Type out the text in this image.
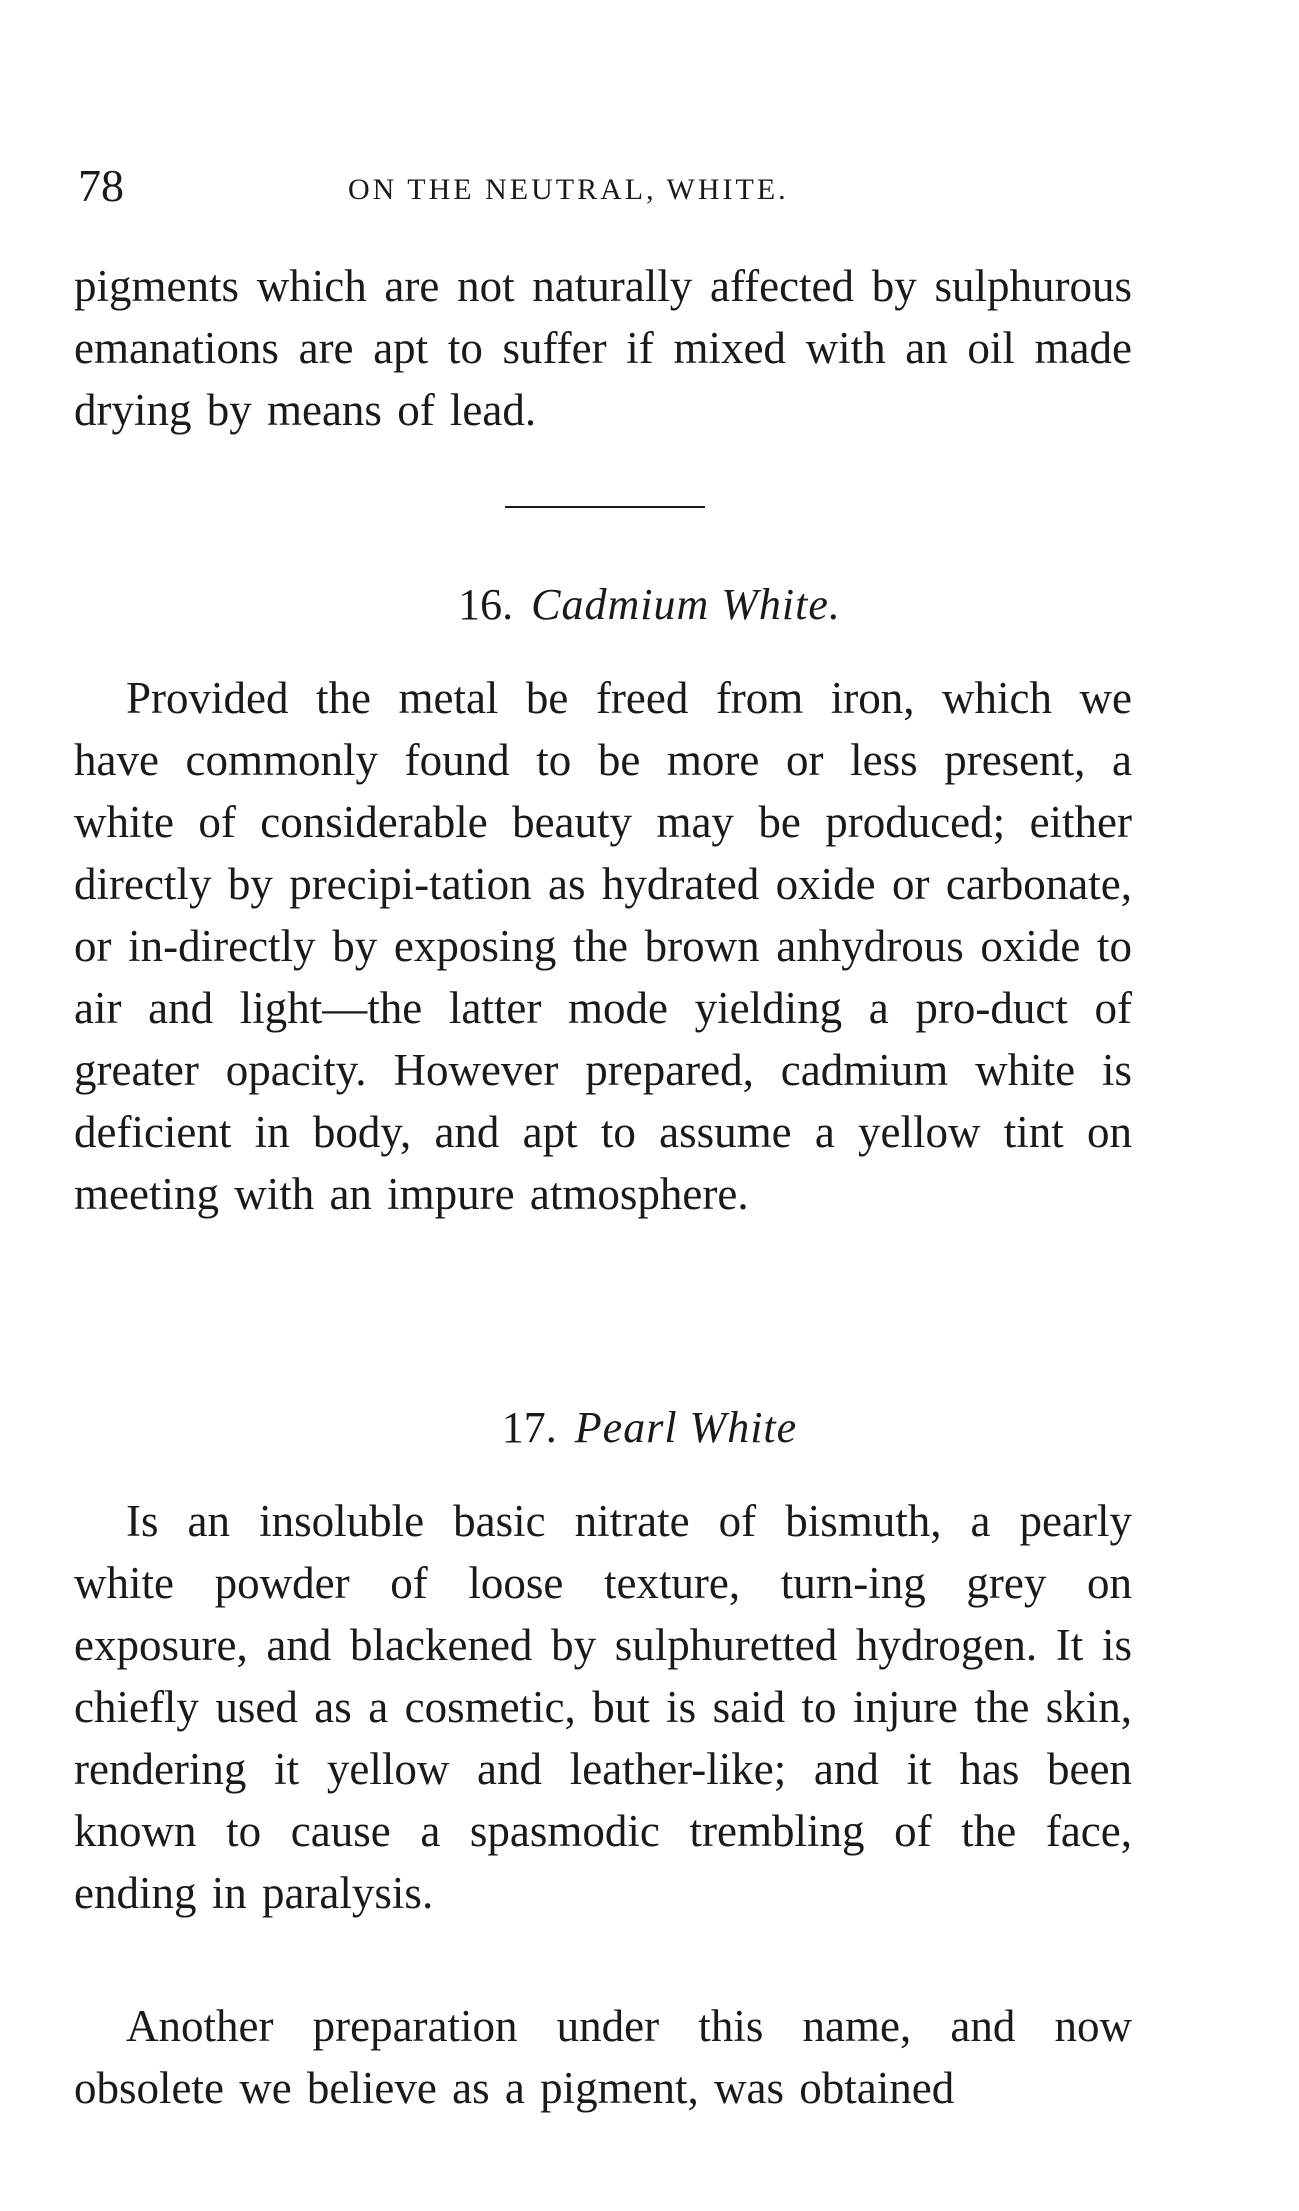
78	ON THE NEUTRAL, WHITE.

pigments which are not naturally affected by sulphurous emanations are apt to suffer if mixed with an oil made drying by means of lead.

16. Cadmium White.

Provided the metal be freed from iron, which we have commonly found to be more or less present, a white of considerable beauty may be produced; either directly by precipi-tation as hydrated oxide or carbonate, or in-directly by exposing the brown anhydrous oxide to air and light—the latter mode yielding a pro-duct of greater opacity. However prepared, cadmium white is deficient in body, and apt to assume a yellow tint on meeting with an impure atmosphere.

17. Pearl White

Is an insoluble basic nitrate of bismuth, a pearly white powder of loose texture, turn-ing grey on exposure, and blackened by sulphuretted hydrogen. It is chiefly used as a cosmetic, but is said to injure the skin, rendering it yellow and leather-like; and it has been known to cause a spasmodic trembling of the face, ending in paralysis.

Another preparation under this name, and now obsolete we believe as a pigment, was obtained
